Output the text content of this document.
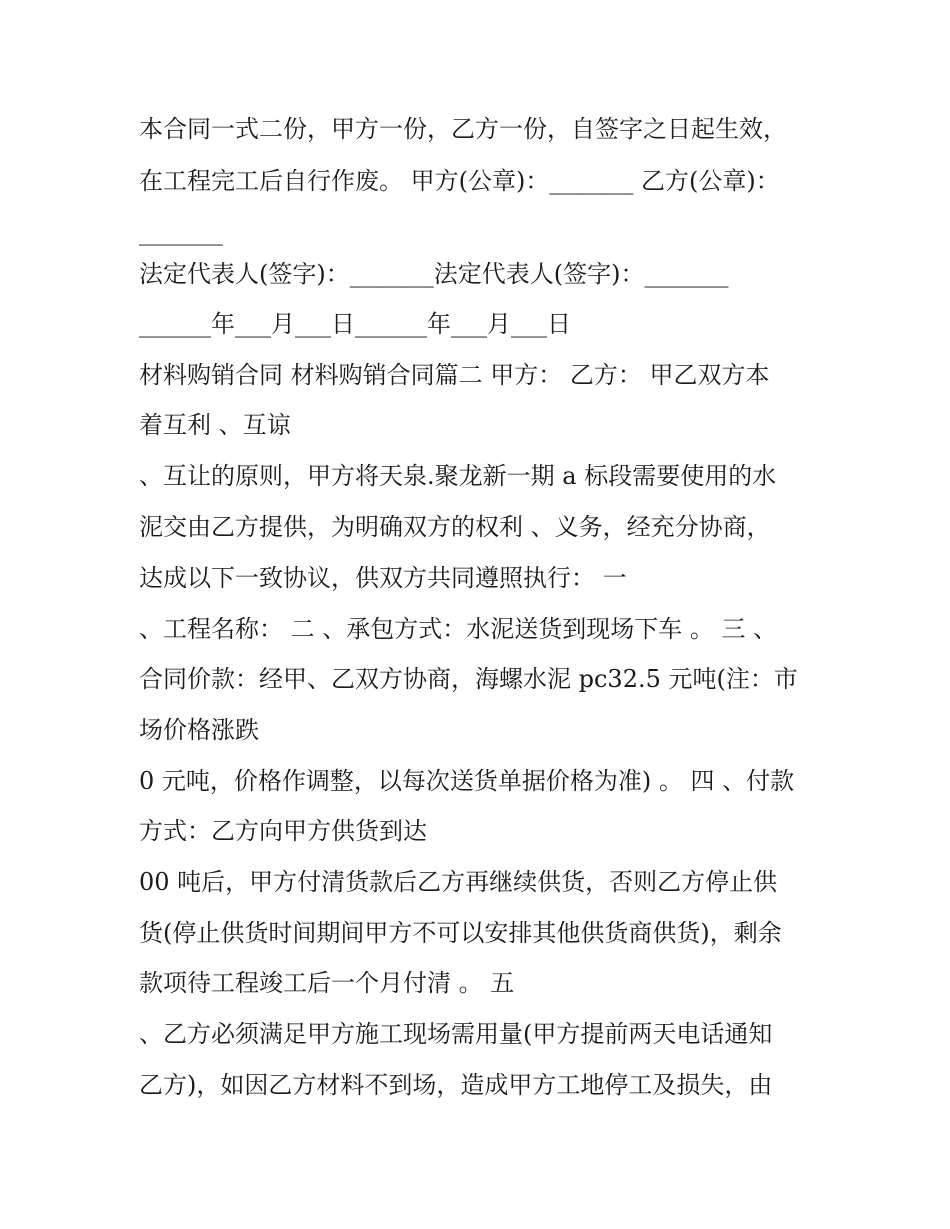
本合同一式二份，甲方一份，乙方一份，自签字之日起生效，
在工程完工后自行作废。 甲方(公章)：_______ 乙方(公章)：
_______
法定代表人(签字)：_______法定代表人(签字)：_______
______年___月___日______年___月___日
材料购销合同 材料购销合同篇二 甲方： 乙方： 甲乙双方本
着互利 、互谅
、互让的原则，甲方将天泉.聚龙新一期 a 标段需要使用的水
泥交由乙方提供，为明确双方的权利 、义务，经充分协商，
达成以下一致协议，供双方共同遵照执行： 一
、工程名称： 二 、承包方式：水泥送货到现场下车 。 三 、
合同价款：经甲、乙双方协商，海螺水泥 pc32.5 元吨(注：市
场价格涨跌
0 元吨，价格作调整，以每次送货单据价格为准) 。 四 、付款
方式：乙方向甲方供货到达
00 吨后，甲方付清货款后乙方再继续供货，否则乙方停止供
货(停止供货时间期间甲方不可以安排其他供货商供货)，剩余
款项待工程竣工后一个月付清 。 五
、乙方必须满足甲方施工现场需用量(甲方提前两天电话通知
乙方)，如因乙方材料不到场，造成甲方工地停工及损失，由
